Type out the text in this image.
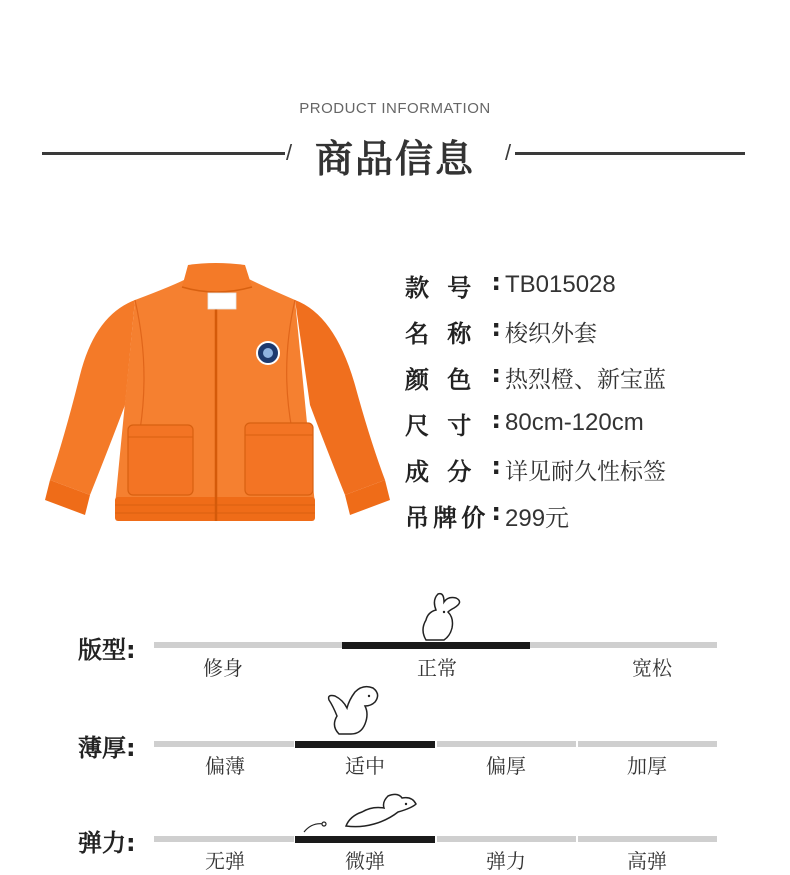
PRODUCT INFORMATION
/ 商品信息	/
款 号 : TB015028
名 称 : 梭织外套
颜 色 : 热烈橙、新宝蓝
尺 寸 : 80cm-120cm
成 分 : 详见耐久性标签
吊 牌 价 : 299元
版型:
修身	正常	宽松
薄厚:
偏薄	适中	偏厚	加厚
弹力:
无弹	微弹	弹力	高弹
